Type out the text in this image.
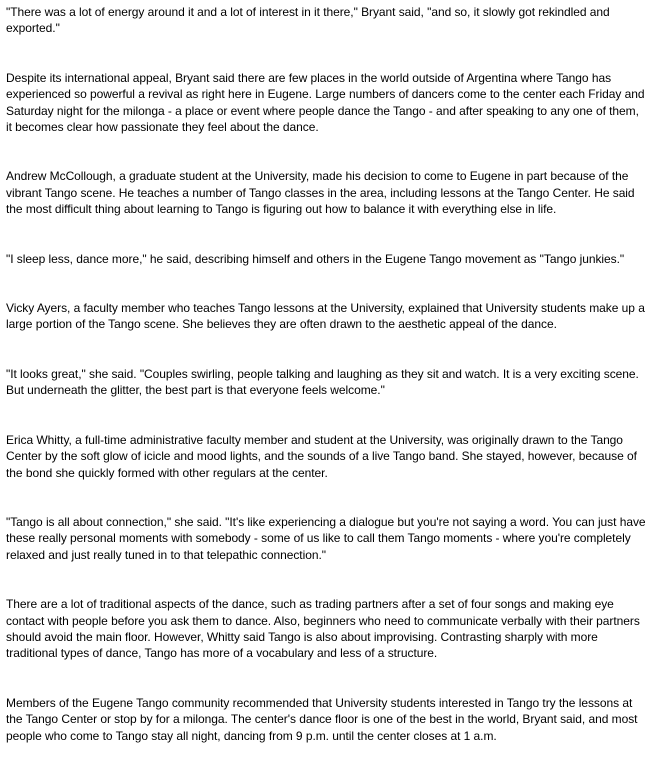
"There was a lot of energy around it and a lot of interest in it there," Bryant said, "and so, it slowly got rekindled and exported."

Despite its international appeal, Bryant said there are few places in the world outside of Argentina where Tango has experienced so powerful a revival as right here in Eugene. Large numbers of dancers come to the center each Friday and Saturday night for the milonga - a place or event where people dance the Tango - and after speaking to any one of them, it becomes clear how passionate they feel about the dance.

Andrew McCollough, a graduate student at the University, made his decision to come to Eugene in part because of the vibrant Tango scene. He teaches a number of Tango classes in the area, including lessons at the Tango Center. He said the most difficult thing about learning to Tango is figuring out how to balance it with everything else in life.

"I sleep less, dance more," he said, describing himself and others in the Eugene Tango movement as "Tango junkies."

Vicky Ayers, a faculty member who teaches Tango lessons at the University, explained that University students make up a large portion of the Tango scene. She believes they are often drawn to the aesthetic appeal of the dance.

"It looks great," she said. "Couples swirling, people talking and laughing as they sit and watch. It is a very exciting scene. But underneath the glitter, the best part is that everyone feels welcome."

Erica Whitty, a full-time administrative faculty member and student at the University, was originally drawn to the Tango Center by the soft glow of icicle and mood lights, and the sounds of a live Tango band. She stayed, however, because of the bond she quickly formed with other regulars at the center.

"Tango is all about connection," she said. "It's like experiencing a dialogue but you're not saying a word. You can just have these really personal moments with somebody - some of us like to call them Tango moments - where you're completely relaxed and just really tuned in to that telepathic connection."

There are a lot of traditional aspects of the dance, such as trading partners after a set of four songs and making eye contact with people before you ask them to dance. Also, beginners who need to communicate verbally with their partners should avoid the main floor. However, Whitty said Tango is also about improvising. Contrasting sharply with more traditional types of dance, Tango has more of a vocabulary and less of a structure.

Members of the Eugene Tango community recommended that University students interested in Tango try the lessons at the Tango Center or stop by for a milonga. The center's dance floor is one of the best in the world, Bryant said, and most people who come to Tango stay all night, dancing from 9 p.m. until the center closes at 1 a.m.
